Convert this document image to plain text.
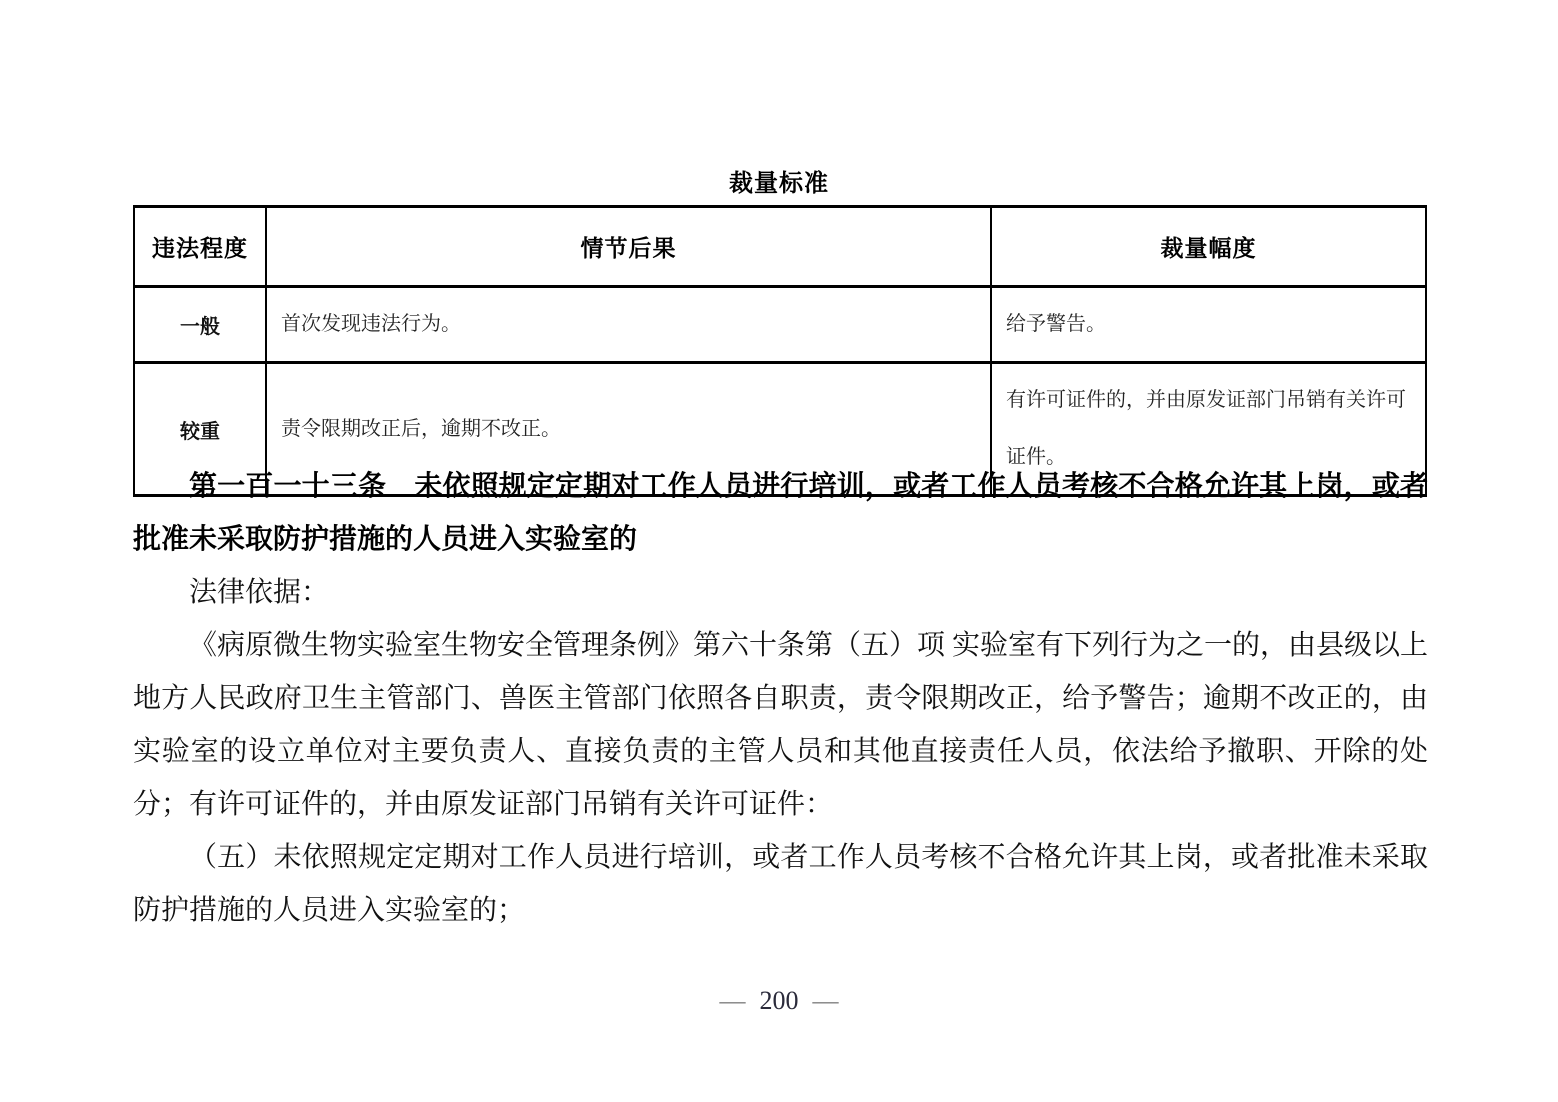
裁量标准
违法程度	情节后果	裁量幅度
一般	首次发现违法行为。	给予警告。
较重	责令限期改正后，逾期不改正。	有许可证件的，并由原发证部门吊销有关许可证件。

第一百一十三条　未依照规定定期对工作人员进行培训，或者工作人员考核不合格允许其上岗，或者批准未采取防护措施的人员进入实验室的

法律依据：

《病原微生物实验室生物安全管理条例》第六十条第（五）项 实验室有下列行为之一的，由县级以上地方人民政府卫生主管部门、兽医主管部门依照各自职责，责令限期改正，给予警告；逾期不改正的，由实验室的设立单位对主要负责人、直接负责的主管人员和其他直接责任人员，依法给予撤职、开除的处分；有许可证件的，并由原发证部门吊销有关许可证件：

（五）未依照规定定期对工作人员进行培训，或者工作人员考核不合格允许其上岗，或者批准未采取防护措施的人员进入实验室的；

— 200 —
